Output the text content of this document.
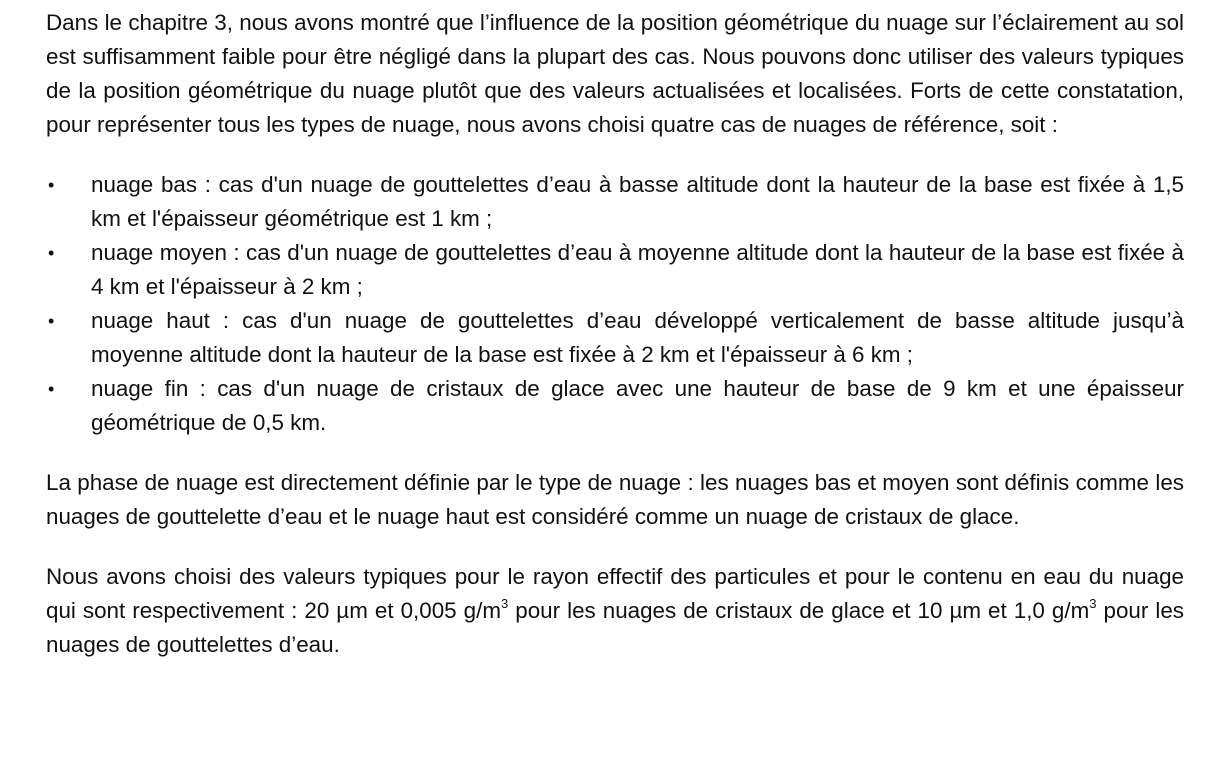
Dans le chapitre 3, nous avons montré que l’influence de la position géométrique du nuage sur l’éclairement au sol est suffisamment faible pour être négligé dans la plupart des cas. Nous pouvons donc utiliser des valeurs typiques de la position géométrique du nuage plutôt que des valeurs actualisées et localisées. Forts de cette constatation, pour représenter tous les types de nuage, nous avons choisi quatre cas de nuages de référence, soit :

• nuage bas : cas d'un nuage de gouttelettes d’eau à basse altitude dont la hauteur de la base est fixée à 1,5 km et l'épaisseur géométrique est 1 km ;
• nuage moyen : cas d'un nuage de gouttelettes d’eau à moyenne altitude dont la hauteur de la base est fixée à 4 km et l'épaisseur à 2 km ;
• nuage haut : cas d'un nuage de gouttelettes d’eau développé verticalement de basse altitude jusqu’à moyenne altitude dont la hauteur de la base est fixée à 2 km et l'épaisseur à 6 km ;
• nuage fin : cas d'un nuage de cristaux de glace avec une hauteur de base de 9 km et une épaisseur géométrique de 0,5 km.

La phase de nuage est directement définie par le type de nuage : les nuages bas et moyen sont définis comme les nuages de gouttelette d’eau et le nuage haut est considéré comme un nuage de cristaux de glace.

Nous avons choisi des valeurs typiques pour le rayon effectif des particules et pour le contenu en eau du nuage qui sont respectivement : 20 µm et 0,005 $g/m^3$ pour les nuages de cristaux de glace et 10 µm et 1,0 $g/m^3$ pour les nuages de gouttelettes d’eau.
